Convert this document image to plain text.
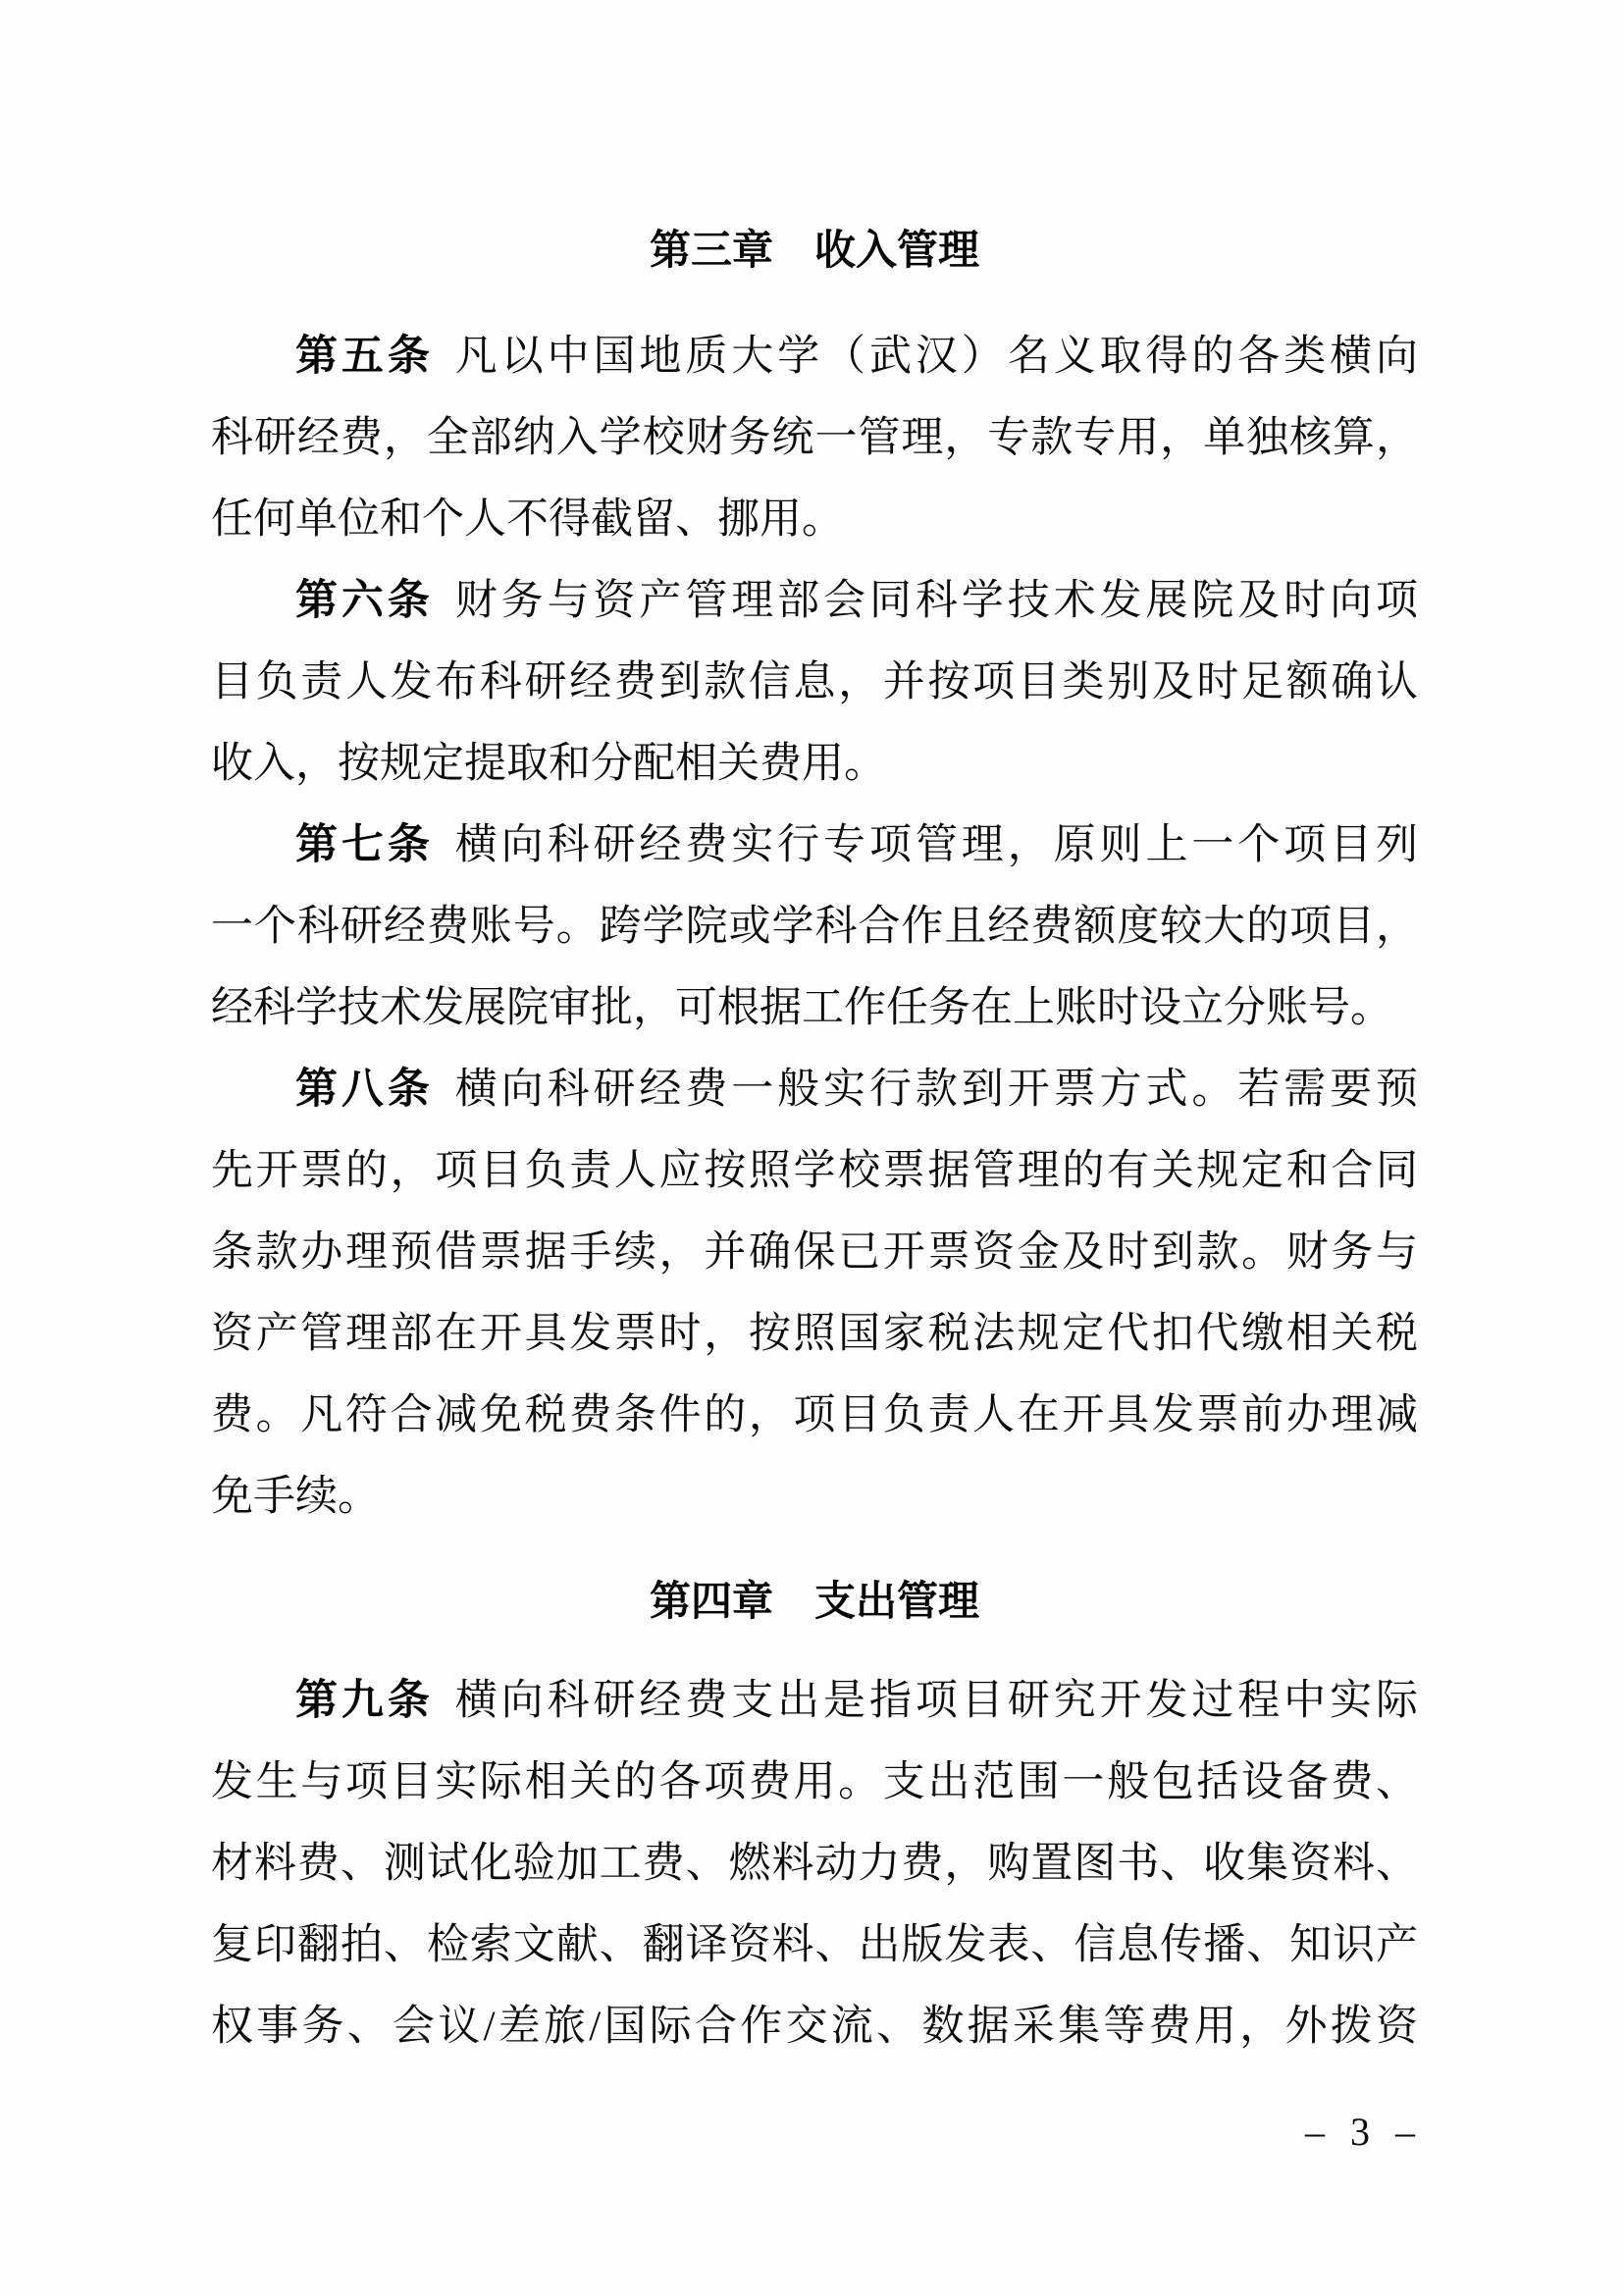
第三章　收入管理
第五条 凡以中国地质大学（武汉）名义取得的各类横向
科研经费，全部纳入学校财务统一管理，专款专用，单独核算，
任何单位和个人不得截留、挪用。
第六条 财务与资产管理部会同科学技术发展院及时向项
目负责人发布科研经费到款信息，并按项目类别及时足额确认
收入，按规定提取和分配相关费用。
第七条 横向科研经费实行专项管理，原则上一个项目列
一个科研经费账号。跨学院或学科合作且经费额度较大的项目，
经科学技术发展院审批，可根据工作任务在上账时设立分账号。
第八条 横向科研经费一般实行款到开票方式。若需要预
先开票的，项目负责人应按照学校票据管理的有关规定和合同
条款办理预借票据手续，并确保已开票资金及时到款。财务与
资产管理部在开具发票时，按照国家税法规定代扣代缴相关税
费。凡符合减免税费条件的，项目负责人在开具发票前办理减
免手续。
第四章　支出管理
第九条 横向科研经费支出是指项目研究开发过程中实际
发生与项目实际相关的各项费用。支出范围一般包括设备费、
材料费、测试化验加工费、燃料动力费，购置图书、收集资料、
复印翻拍、检索文献、翻译资料、出版发表、信息传播、知识产
权事务、会议/差旅/国际合作交流、数据采集等费用，外拨资
– 3 –
